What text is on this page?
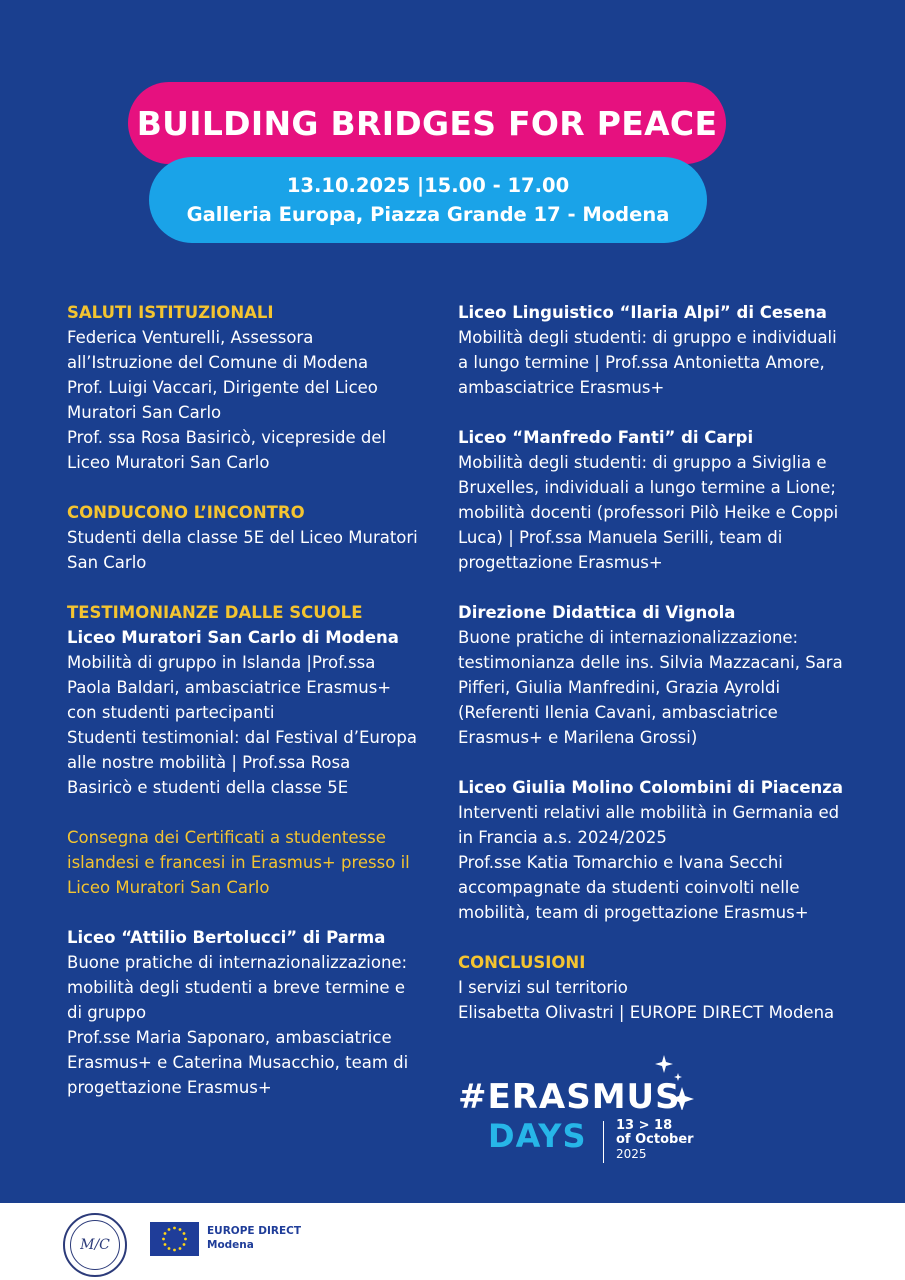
BUILDING BRIDGES FOR PEACE
13.10.2025 |15.00 - 17.00
Galleria Europa, Piazza Grande 17 - Modena
SALUTI ISTITUZIONALI
Federica Venturelli, Assessora
all’Istruzione del Comune di Modena
Prof. Luigi Vaccari, Dirigente del Liceo
Muratori San Carlo
Prof. ssa Rosa Basiricò, vicepreside del
Liceo Muratori San Carlo
CONDUCONO L’INCONTRO
Studenti della classe 5E del Liceo Muratori
San Carlo
TESTIMONIANZE DALLE SCUOLE
Liceo Muratori San Carlo di Modena
Mobilità di gruppo in Islanda |Prof.ssa
Paola Baldari, ambasciatrice Erasmus+
con studenti partecipanti
Studenti testimonial: dal Festival d’Europa
alle nostre mobilità | Prof.ssa Rosa
Basiricò e studenti della classe 5E
Consegna dei Certificati a studentesse
islandesi e francesi in Erasmus+ presso il
Liceo Muratori San Carlo
Liceo “Attilio Bertolucci” di Parma
Buone pratiche di internazionalizzazione:
mobilità degli studenti a breve termine e
di gruppo
Prof.sse Maria Saponaro, ambasciatrice
Erasmus+ e Caterina Musacchio, team di
progettazione Erasmus+
Liceo Linguistico “Ilaria Alpi” di Cesena
Mobilità degli studenti: di gruppo e individuali
a lungo termine | Prof.ssa Antonietta Amore,
ambasciatrice Erasmus+
Liceo “Manfredo Fanti” di Carpi
Mobilità degli studenti: di gruppo a Siviglia e
Bruxelles, individuali a lungo termine a Lione;
mobilità docenti (professori Pilò Heike e Coppi
Luca) | Prof.ssa Manuela Serilli, team di
progettazione Erasmus+
Direzione Didattica di Vignola
Buone pratiche di internazionalizzazione:
testimonianza delle ins. Silvia Mazzacani, Sara
Pifferi, Giulia Manfredini, Grazia Ayroldi
(Referenti Ilenia Cavani, ambasciatrice
Erasmus+ e Marilena Grossi)
Liceo Giulia Molino Colombini di Piacenza
Interventi relativi alle mobilità in Germania ed
in Francia a.s. 2024/2025
Prof.sse Katia Tomarchio e Ivana Secchi
accompagnate da studenti coinvolti nelle
mobilità, team di progettazione Erasmus+
CONCLUSIONI
I servizi sul territorio
Elisabetta Olivastri | EUROPE DIRECT Modena
#ERASMUS
DAYS 13 > 18
of October
2025
M/C
EUROPE DIRECT
Modena
